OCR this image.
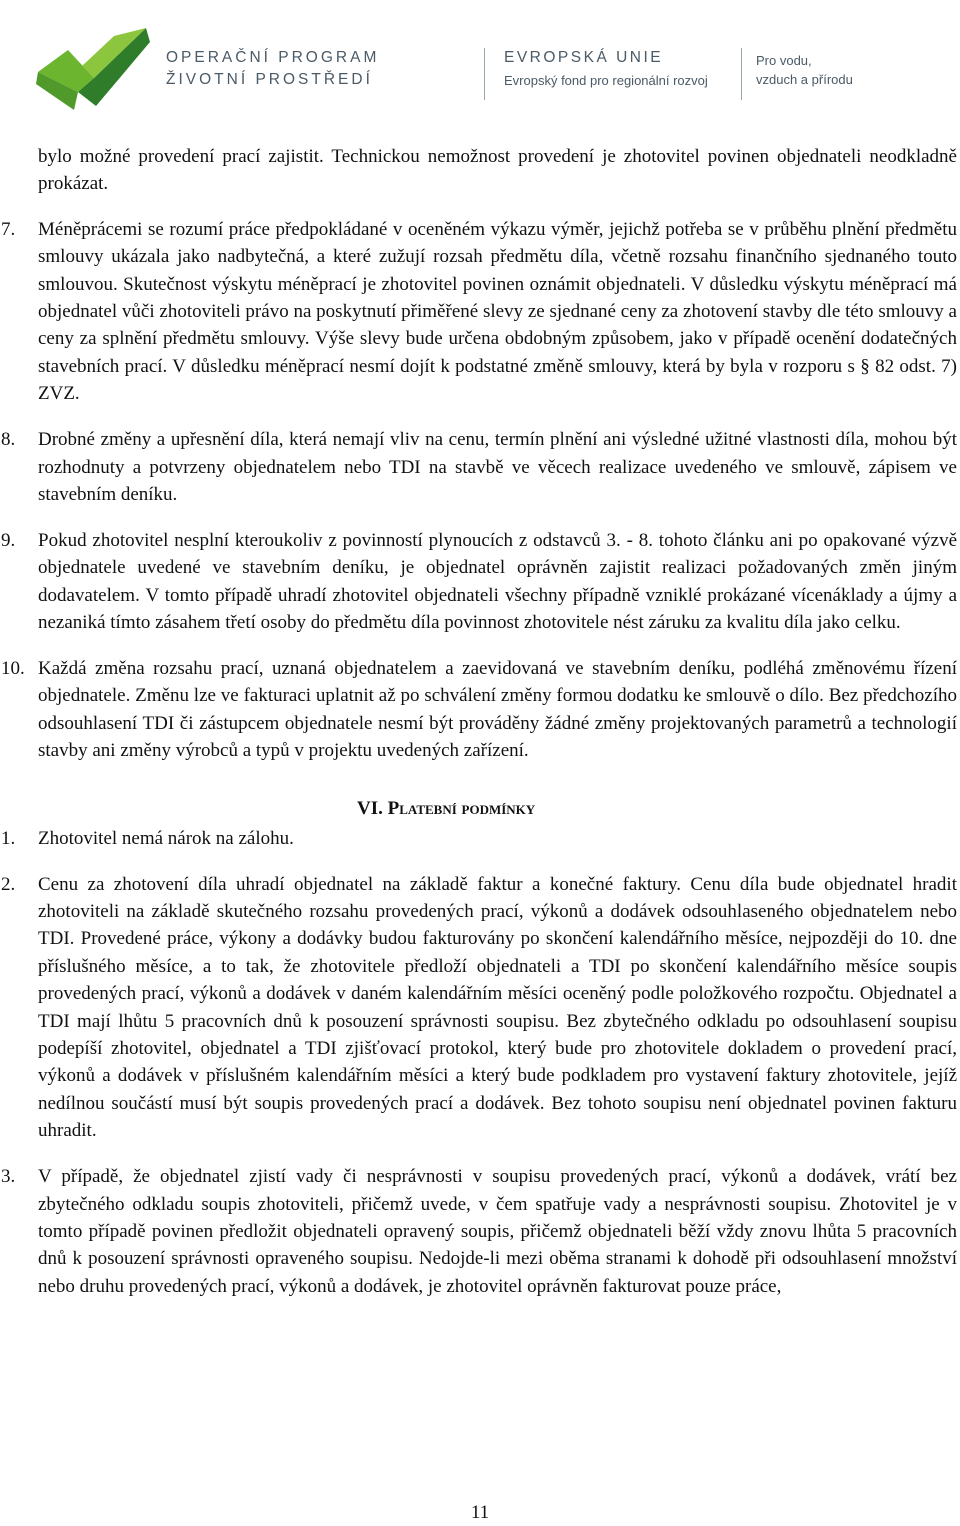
OPERAČNÍ PROGRAM
ŽIVOTNÍ PROSTŘEDÍ
EVROPSKÁ UNIE
Evropský fond pro regionální rozvoj
Pro vodu,
vzduch a přírodu

bylo možné provedení prací zajistit. Technickou nemožnost provedení je zhotovitel povinen objednateli neodkladně prokázat.

7. Méněprácemi se rozumí práce předpokládané v oceněném výkazu výměr, jejichž potřeba se v průběhu plnění předmětu smlouvy ukázala jako nadbytečná, a které zužují rozsah předmětu díla, včetně rozsahu finančního sjednaného touto smlouvou. Skutečnost výskytu méněprací je zhotovitel povinen oznámit objednateli. V důsledku výskytu méněprací má objednatel vůči zhotoviteli právo na poskytnutí přiměřené slevy ze sjednané ceny za zhotovení stavby dle této smlouvy a ceny za splnění předmětu smlouvy. Výše slevy bude určena obdobným způsobem, jako v případě ocenění dodatečných stavebních prací. V důsledku méněprací nesmí dojít k podstatné změně smlouvy, která by byla v rozporu s § 82 odst. 7) ZVZ.
8. Drobné změny a upřesnění díla, která nemají vliv na cenu, termín plnění ani výsledné užitné vlastnosti díla, mohou být rozhodnuty a potvrzeny objednatelem nebo TDI na stavbě ve věcech realizace uvedeného ve smlouvě, zápisem ve stavebním deníku.
9. Pokud zhotovitel nesplní kteroukoliv z povinností plynoucích z odstavců 3. - 8. tohoto článku ani po opakované výzvě objednatele uvedené ve stavebním deníku, je objednatel oprávněn zajistit realizaci požadovaných změn jiným dodavatelem. V tomto případě uhradí zhotovitel objednateli všechny případně vzniklé prokázané vícenáklady a újmy a nezaniká tímto zásahem třetí osoby do předmětu díla povinnost zhotovitele nést záruku za kvalitu díla jako celku.
10. Každá změna rozsahu prací, uznaná objednatelem a zaevidovaná ve stavebním deníku, podléhá změnovému řízení objednatele. Změnu lze ve fakturaci uplatnit až po schválení změny formou dodatku ke smlouvě o dílo. Bez předchozího odsouhlasení TDI či zástupcem objednatele nesmí být prováděny žádné změny projektovaných parametrů a technologií stavby ani změny výrobců a typů v projektu uvedených zařízení.
VI. Platební podmínky
1. Zhotovitel nemá nárok na zálohu.
2. Cenu za zhotovení díla uhradí objednatel na základě faktur a konečné faktury. Cenu díla bude objednatel hradit zhotoviteli na základě skutečného rozsahu provedených prací, výkonů a dodávek odsouhlaseného objednatelem nebo TDI. Provedené práce, výkony a dodávky budou fakturovány po skončení kalendářního měsíce, nejpozději do 10. dne příslušného měsíce, a to tak, že zhotovitele předloží objednateli a TDI po skončení kalendářního měsíce soupis provedených prací, výkonů a dodávek v daném kalendářním měsíci oceněný podle položkového rozpočtu. Objednatel a TDI mají lhůtu 5 pracovních dnů k posouzení správnosti soupisu. Bez zbytečného odkladu po odsouhlasení soupisu podepíší zhotovitel, objednatel a TDI zjišťovací protokol, který bude pro zhotovitele dokladem o provedení prací, výkonů a dodávek v příslušném kalendářním měsíci a který bude podkladem pro vystavení faktury zhotovitele, jejíž nedílnou součástí musí být soupis provedených prací a dodávek. Bez tohoto soupisu není objednatel povinen fakturu uhradit.
3. V případě, že objednatel zjistí vady či nesprávnosti v soupisu provedených prací, výkonů a dodávek, vrátí bez zbytečného odkladu soupis zhotoviteli, přičemž uvede, v čem spatřuje vady a nesprávnosti soupisu. Zhotovitel je v tomto případě povinen předložit objednateli opravený soupis, přičemž objednateli běží vždy znovu lhůta 5 pracovních dnů k posouzení správnosti opraveného soupisu. Nedojde-li mezi oběma stranami k dohodě při odsouhlasení množství nebo druhu provedených prací, výkonů a dodávek, je zhotovitel oprávněn fakturovat pouze práce,
11
